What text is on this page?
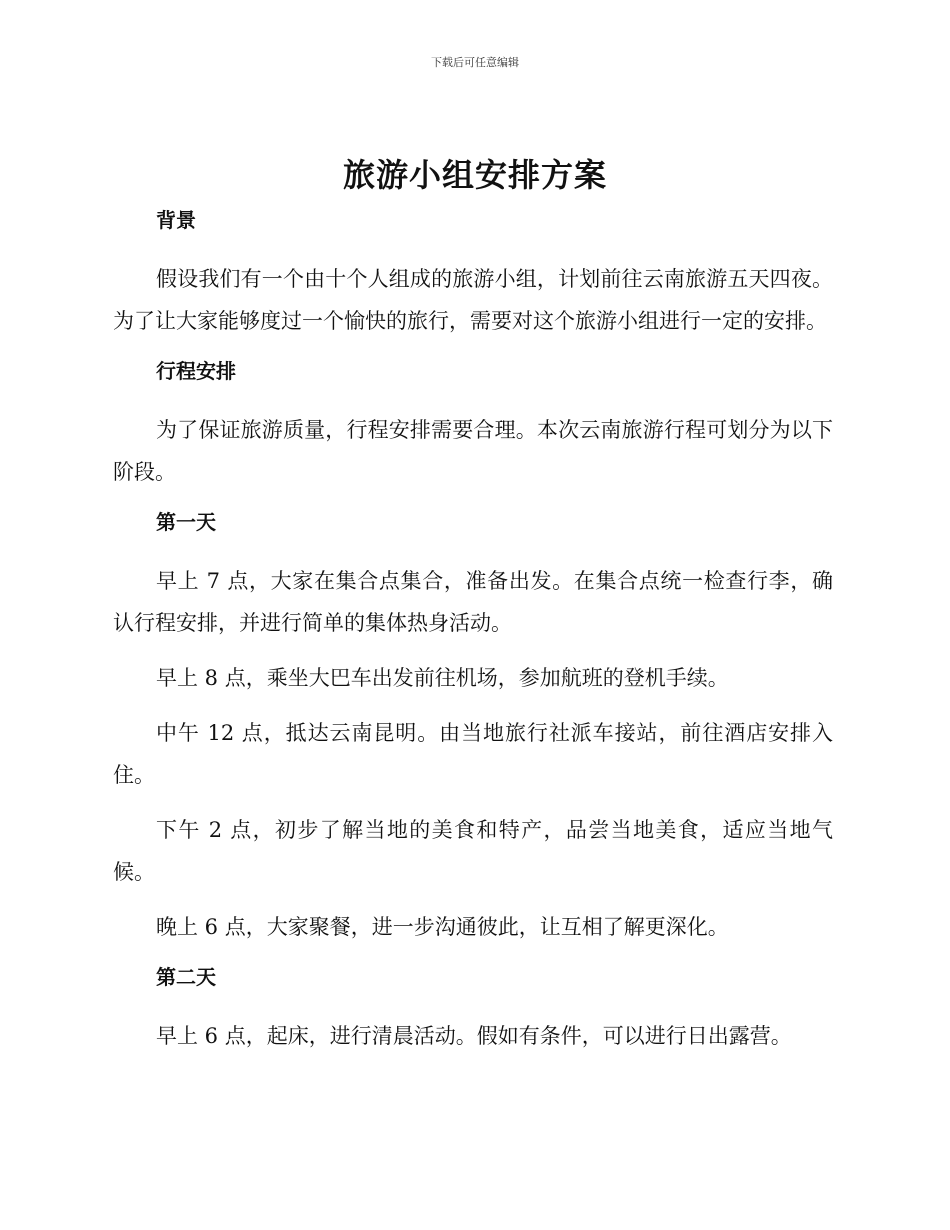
下载后可任意编辑
旅游小组安排方案
背景

假设我们有一个由十个人组成的旅游小组，计划前往云南旅游五天四夜。为了让大家能够度过一个愉快的旅行，需要对这个旅游小组进行一定的安排。

行程安排

为了保证旅游质量，行程安排需要合理。本次云南旅游行程可划分为以下阶段。

第一天

早上 7 点，大家在集合点集合，准备出发。在集合点统一检查行李，确认行程安排，并进行简单的集体热身活动。

早上 8 点，乘坐大巴车出发前往机场，参加航班的登机手续。

中午 12 点，抵达云南昆明。由当地旅行社派车接站，前往酒店安排入住。

下午 2 点，初步了解当地的美食和特产，品尝当地美食，适应当地气候。

晚上 6 点，大家聚餐，进一步沟通彼此，让互相了解更深化。

第二天

早上 6 点，起床，进行清晨活动。假如有条件，可以进行日出露营。
